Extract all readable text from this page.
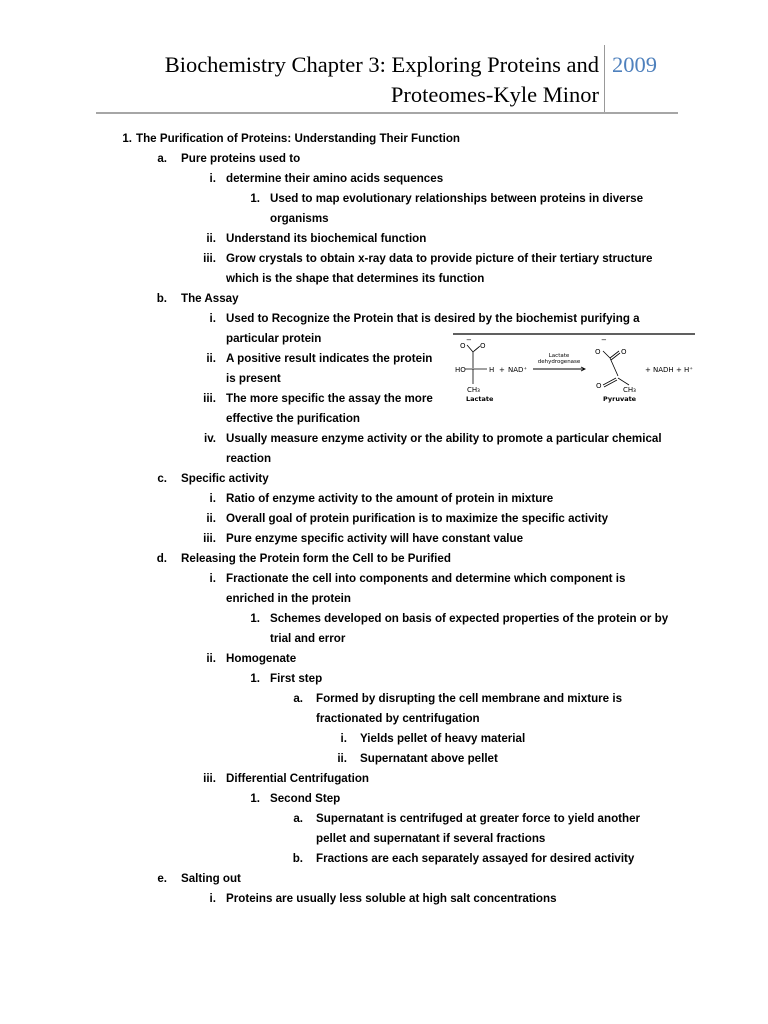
Biochemistry Chapter 3: Exploring Proteins and
Proteomes-Kyle Minor
2009
1. The Purification of Proteins: Understanding Their Function
a. Pure proteins used to
i. determine their amino acids sequences
1. Used to map evolutionary relationships between proteins in diverse
organisms
ii. Understand its biochemical function
iii. Grow crystals to obtain x-ray data to provide picture of their tertiary structure
which is the shape that determines its function
b. The Assay
i. Used to Recognize the Protein that is desired by the biochemist purifying a
particular protein
ii. A positive result indicates the protein
is present
iii. The more specific the assay the more
effective the purification
iv. Usually measure enzyme activity or the ability to promote a particular chemical
reaction
c. Specific activity
i. Ratio of enzyme activity to the amount of protein in mixture
ii. Overall goal of protein purification is to maximize the specific activity
iii. Pure enzyme specific activity will have constant value
d. Releasing the Protein form the Cell to be Purified
i. Fractionate the cell into components and determine which component is
enriched in the protein
1. Schemes developed on basis of expected properties of the protein or by
trial and error
ii. Homogenate
1. First step
a. Formed by disrupting the cell membrane and mixture is
fractionated by centrifugation
i. Yields pellet of heavy material
ii. Supernatant above pellet
iii. Differential Centrifugation
1. Second Step
a. Supernatant is centrifuged at greater force to yield another
pellet and supernatant if several fractions
b. Fractions are each separately assayed for desired activity
e. Salting out
i. Proteins are usually less soluble at high salt concentrations
−
O O
HO	H
CH₃
Lactate
+ NAD⁺
Lactate
dehydrogenase
−
O	O
O	CH₃
Pyruvate
+ NADH + H⁺
